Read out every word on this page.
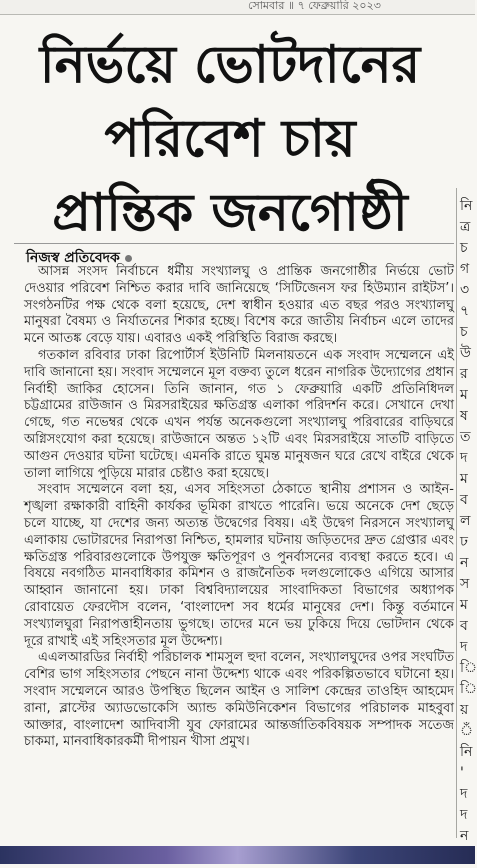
সোমবার ॥ ৭ ফেব্রুয়ারি ২০২৩
নির্ভয়ে ভোটদানের
পরিবেশ চায়
প্রান্তিক জনগোষ্ঠী
নিজস্ব প্রতিবেদক

আসন্ন সংসদ নির্বাচনে ধর্মীয় সংখ্যালঘু ও প্রান্তিক জনগোষ্ঠীর নির্ভয়ে ভোট দেওয়ার পরিবেশ নিশ্চিত করার দাবি জানিয়েছে ‘সিটিজেনস ফর হিউম্যান রাইটস’। সংগঠনটির পক্ষ থেকে বলা হয়েছে, দেশ স্বাধীন হওয়ার এত বছর পরও সংখ্যালঘু মানুষরা বৈষম্য ও নির্যাতনের শিকার হচ্ছে। বিশেষ করে জাতীয় নির্বাচন এলে তাদের মনে আতঙ্ক বেড়ে যায়। এবারও একই পরিস্থিতি বিরাজ করছে।

গতকাল রবিবার ঢাকা রিপোর্টার্স ইউনিটি মিলনায়তনে এক সংবাদ সম্মেলনে এই দাবি জানানো হয়। সংবাদ সম্মেলনে মূল বক্তব্য তুলে ধরেন নাগরিক উদ্যোগের প্রধান নির্বাহী জাকির হোসেন। তিনি জানান, গত ১ ফেব্রুয়ারি একটি প্রতিনিধিদল চট্টগ্রামের রাউজান ও মিরসরাইয়ের ক্ষতিগ্রস্ত এলাকা পরিদর্শন করে। সেখানে দেখা গেছে, গত নভেম্বর থেকে এখন পর্যন্ত অনেকগুলো সংখ্যালঘু পরিবারের বাড়িঘরে অগ্নিসংযোগ করা হয়েছে। রাউজানে অন্তত ১২টি এবং মিরসরাইয়ে সাতটি বাড়িতে আগুন দেওয়ার ঘটনা ঘটেছে। এমনকি রাতে ঘুমন্ত মানুষজন ঘরে রেখে বাইরে থেকে তালা লাগিয়ে পুড়িয়ে মারার চেষ্টাও করা হয়েছে।

সংবাদ সম্মেলনে বলা হয়, এসব সহিংসতা ঠেকাতে স্থানীয় প্রশাসন ও আইন-শৃঙ্খলা রক্ষাকারী বাহিনী কার্যকর ভূমিকা রাখতে পারেনি। ভয়ে অনেকে দেশ ছেড়ে চলে যাচ্ছে, যা দেশের জন্য অত্যন্ত উদ্বেগের বিষয়। এই উদ্বেগ নিরসনে সংখ্যালঘু এলাকায় ভোটারদের নিরাপত্তা নিশ্চিত, হামলার ঘটনায় জড়িতদের দ্রুত গ্রেপ্তার এবং ক্ষতিগ্রস্ত পরিবারগুলোকে উপযুক্ত ক্ষতিপূরণ ও পুনর্বাসনের ব্যবস্থা করতে হবে। এ বিষয়ে নবগঠিত মানবাধিকার কমিশন ও রাজনৈতিক দলগুলোকেও এগিয়ে আসার আহ্বান জানানো হয়। ঢাকা বিশ্ববিদ্যালয়ের সাংবাদিকতা বিভাগের অধ্যাপক রোবায়েত ফেরদৌস বলেন, ‘বাংলাদেশ সব ধর্মের মানুষের দেশ। কিন্তু বর্তমানে সংখ্যালঘুরা নিরাপত্তাহীনতায় ভুগছে। তাদের মনে ভয় ঢুকিয়ে দিয়ে ভোটদান থেকে দূরে রাখাই এই সহিংসতার মূল উদ্দেশ্য।

এএলআরডির নির্বাহী পরিচালক শামসুল হুদা বলেন, সংখ্যালঘুদের ওপর সংঘটিত বেশির ভাগ সহিংসতার পেছনে নানা উদ্দেশ্য থাকে এবং পরিকল্পিতভাবে ঘটানো হয়। সংবাদ সম্মেলনে আরও উপস্থিত ছিলেন আইন ও সালিশ কেন্দ্রের তাওহিদ আহমেদ রানা, ব্লাস্টের অ্যাডভোকেসি অ্যান্ড কমিউনিকেশন বিভাগের পরিচালক মাহবুবা আক্তার, বাংলাদেশ আদিবাসী যুব ফোরামের আন্তর্জাতিকবিষয়ক সম্পাদক সতেজ চাকমা, মানবাধিকারকর্মী দীপায়ন খীসা প্রমুখ।

নি
ত্র
চ
গ
৩
৭
চ
উ
র
ম
ষ
ত
দ
ম
ব
ল
ঢ
ন
স
ম
ব
দ
ি
ি
য়
ঁ
নি
'
দ
দ
ন
